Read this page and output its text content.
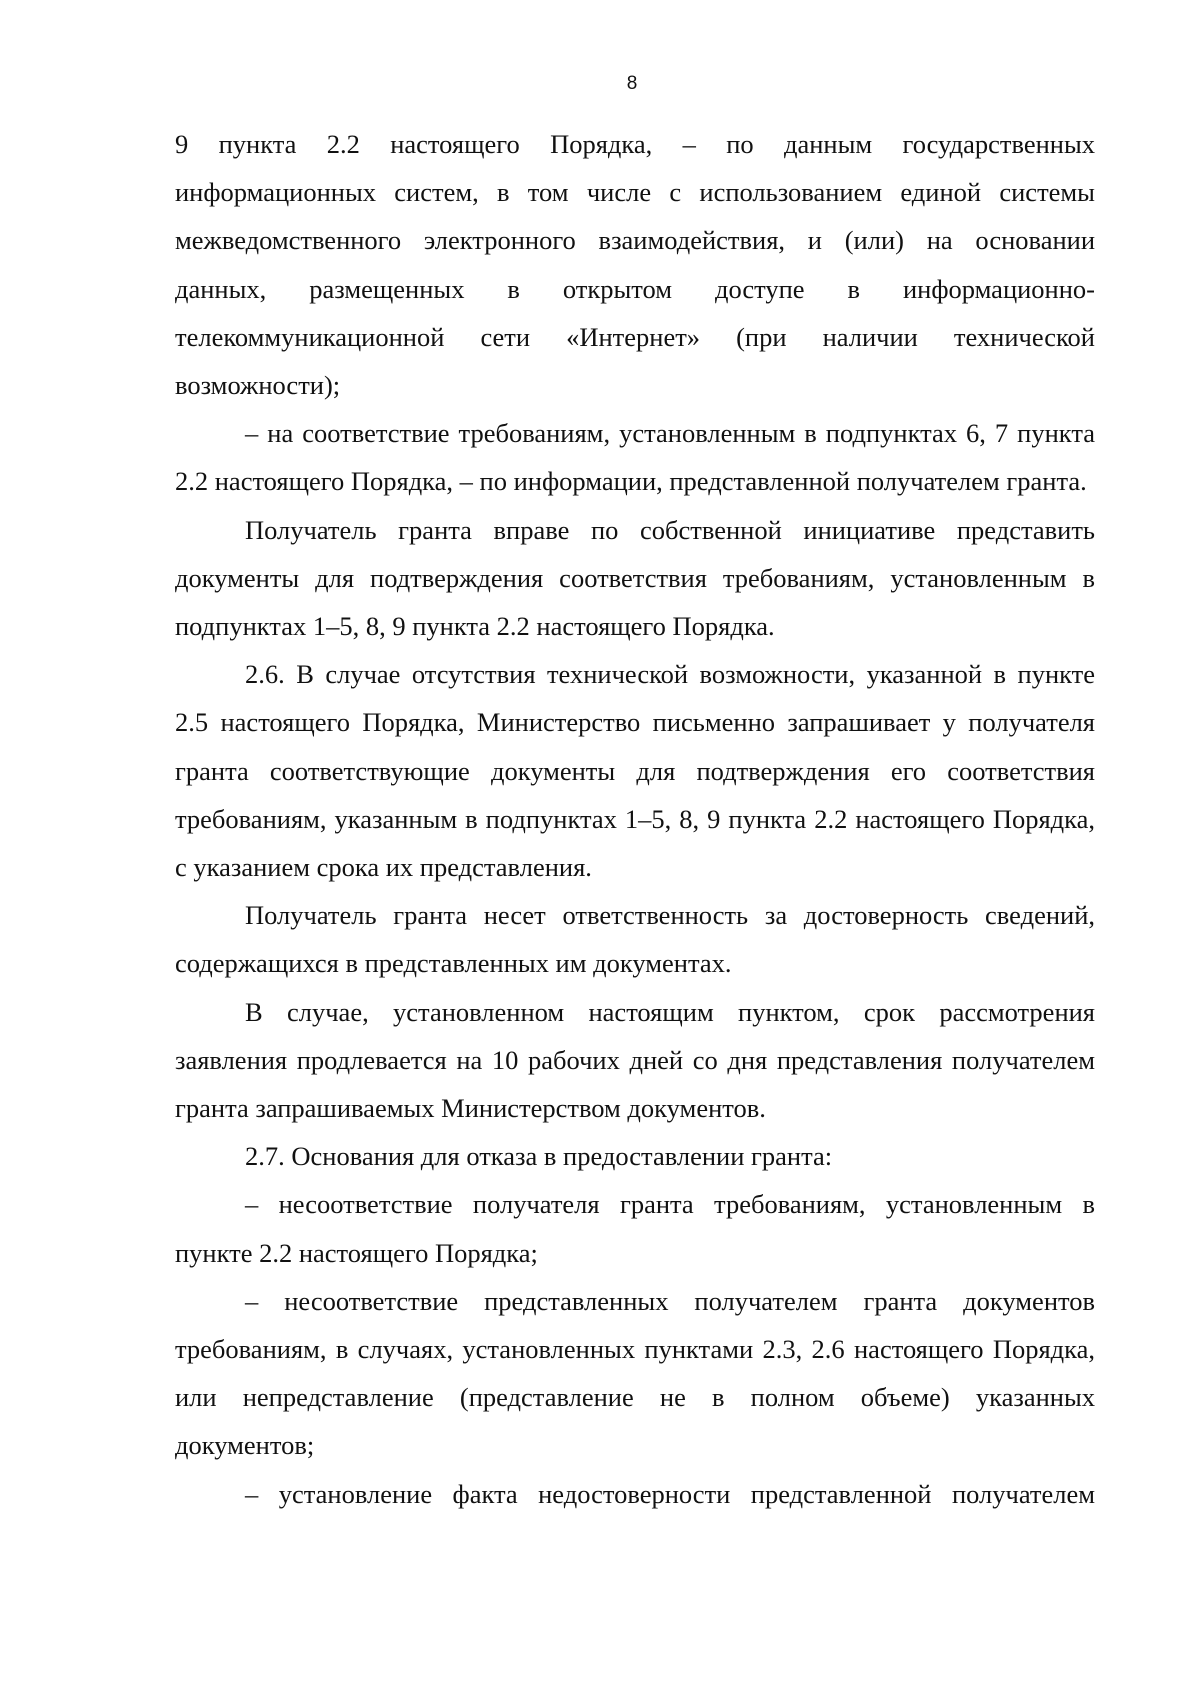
8

9 пункта 2.2 настоящего Порядка, – по данным государственных информационных систем, в том числе с использованием единой системы межведомственного электронного взаимодействия, и (или) на основании данных, размещенных в открытом доступе в информационно-телекоммуникационной сети «Интернет» (при наличии технической возможности);

– на соответствие требованиям, установленным в подпунктах 6, 7 пункта 2.2 настоящего Порядка, – по информации, представленной получателем гранта.

Получатель гранта вправе по собственной инициативе представить документы для подтверждения соответствия требованиям, установленным в подпунктах 1–5, 8, 9 пункта 2.2 настоящего Порядка.

2.6. В случае отсутствия технической возможности, указанной в пункте 2.5 настоящего Порядка, Министерство письменно запрашивает у получателя гранта соответствующие документы для подтверждения его соответствия требованиям, указанным в подпунктах 1–5, 8, 9 пункта 2.2 настоящего Порядка, с указанием срока их представления.

Получатель гранта несет ответственность за достоверность сведений, содержащихся в представленных им документах.

В случае, установленном настоящим пунктом, срок рассмотрения заявления продлевается на 10 рабочих дней со дня представления получателем гранта запрашиваемых Министерством документов.

2.7. Основания для отказа в предоставлении гранта:

– несоответствие получателя гранта требованиям, установленным в пункте 2.2 настоящего Порядка;

– несоответствие представленных получателем гранта документов требованиям, в случаях, установленных пунктами 2.3, 2.6 настоящего Порядка, или непредставление (представление не в полном объеме) указанных документов;

– установление факта недостоверности представленной получателем
